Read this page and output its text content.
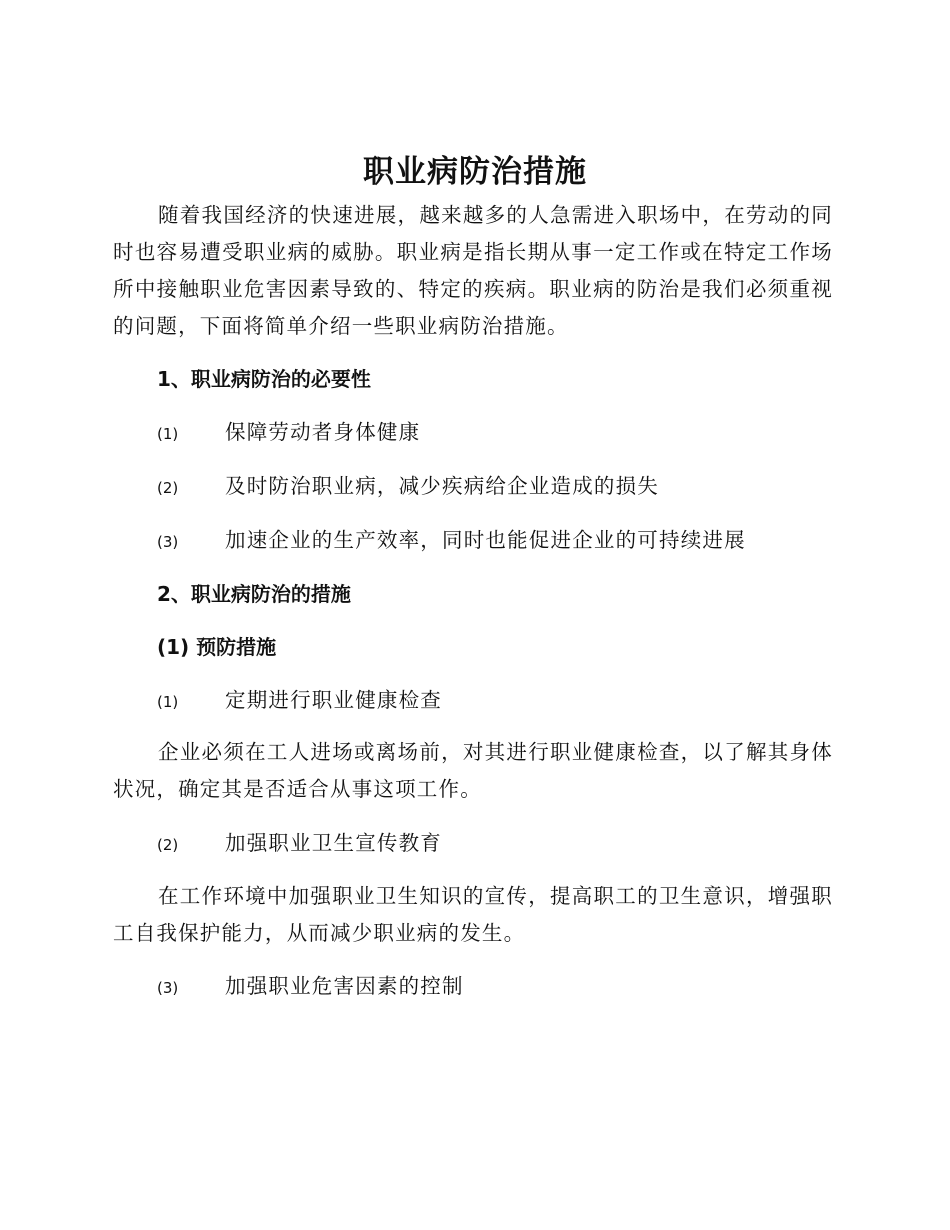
职业病防治措施
随着我国经济的快速进展，越来越多的人急需进入职场中，在劳动的同时也容易遭受职业病的威胁。职业病是指长期从事一定工作或在特定工作场所中接触职业危害因素导致的、特定的疾病。职业病的防治是我们必须重视的问题，下面将简单介绍一些职业病防治措施。
1、职业病防治的必要性
(1) 保障劳动者身体健康
(2) 及时防治职业病，减少疾病给企业造成的损失
(3) 加速企业的生产效率，同时也能促进企业的可持续进展
2、职业病防治的措施
(1) 预防措施
(1) 定期进行职业健康检查
企业必须在工人进场或离场前，对其进行职业健康检查，以了解其身体状况，确定其是否适合从事这项工作。
(2) 加强职业卫生宣传教育
在工作环境中加强职业卫生知识的宣传，提高职工的卫生意识，增强职工自我保护能力，从而减少职业病的发生。
(3) 加强职业危害因素的控制
